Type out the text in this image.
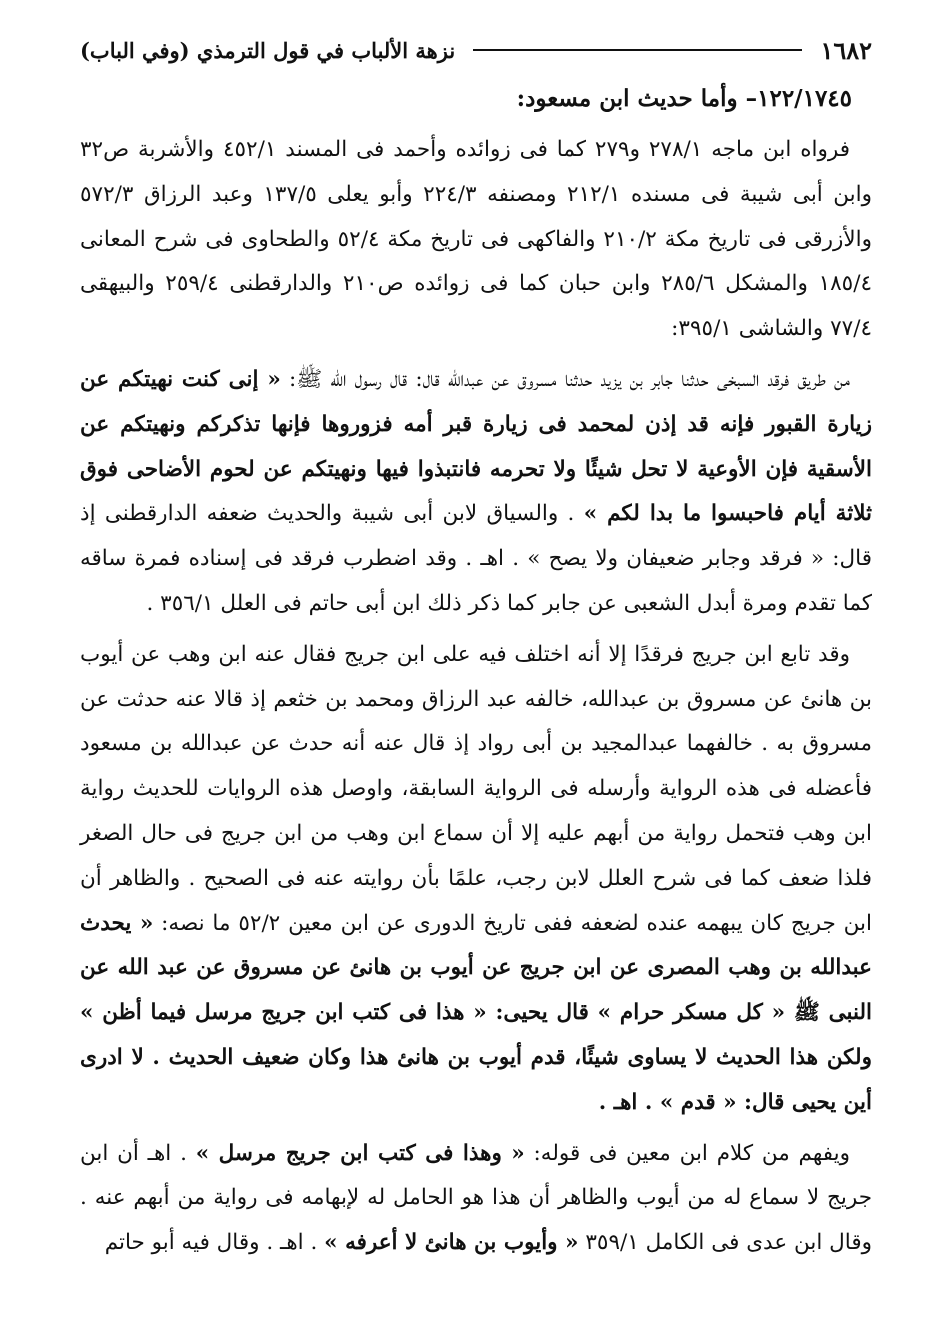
١٦٨٢
نزهة الألباب في قول الترمذي (وفي الباب)
١٢٢/١٧٤٥– وأما حديث ابن مسعود:

فرواه ابن ماجه ٢٧٨/١ و٢٧٩ كما فى زوائده وأحمد فى المسند ٤٥٢/١ والأشربة ص٣٢ وابن أبى شيبة فى مسنده ٢١٢/١ ومصنفه ٢٢٤/٣ وأبو يعلى ١٣٧/٥ وعبد الرزاق ٥٧٢/٣ والأزرقى فى تاريخ مكة ٢١٠/٢ والفاكهى فى تاريخ مكة ٥٢/٤ والطحاوى فى شرح المعانى ١٨٥/٤ والمشكل ٢٨٥/٦ وابن حبان كما فى زوائده ص٢١٠ والدارقطنى ٢٥٩/٤ والبيهقى ٧٧/٤ والشاشى ٣٩٥/١:

من طريق فرقد السبخى حدثنا جابر بن يزيد حدثنا مسروق عن عبدالله قال: قال رسول الله ﷺ: « إنى كنت نهيتكم عن زيارة القبور فإنه قد إذن لمحمد فى زيارة قبر أمه فزوروها فإنها تذكركم ونهيتكم عن الأسقية فإن الأوعية لا تحل شيئًا ولا تحرمه فانتبذوا فيها ونهيتكم عن لحوم الأضاحى فوق ثلاثة أيام فاحبسوا ما بدا لكم » . والسياق لابن أبى شيبة والحديث ضعفه الدارقطنى إذ قال: « فرقد وجابر ضعيفان ولا يصح » . اهـ . وقد اضطرب فرقد فى إسناده فمرة ساقه كما تقدم ومرة أبدل الشعبى عن جابر كما ذكر ذلك ابن أبى حاتم فى العلل ٣٥٦/١ .

وقد تابع ابن جريج فرقدًا إلا أنه اختلف فيه على ابن جريج فقال عنه ابن وهب عن أيوب بن هانئ عن مسروق بن عبدالله، خالفه عبد الرزاق ومحمد بن خثعم إذ قالا عنه حدثت عن مسروق به . خالفهما عبدالمجيد بن أبى رواد إذ قال عنه أنه حدث عن عبدالله بن مسعود فأعضله فى هذه الرواية وأرسله فى الرواية السابقة، واوصل هذه الروايات للحديث رواية ابن وهب فتحمل رواية من أبهم عليه إلا أن سماع ابن وهب من ابن جريج فى حال الصغر فلذا ضعف كما فى شرح العلل لابن رجب، علمًا بأن روايته عنه فى الصحيح . والظاهر أن ابن جريج كان يبهمه عنده لضعفه ففى تاريخ الدورى عن ابن معين ٥٢/٢ ما نصه: « يحدث عبدالله بن وهب المصرى عن ابن جريج عن أيوب بن هانئ عن مسروق عن عبد الله عن النبى ﷺ « كل مسكر حرام » قال يحيى: « هذا فى كتب ابن جريج مرسل فيما أظن » ولكن هذا الحديث لا يساوى شيئًا، قدم أيوب بن هانئ هذا وكان ضعيف الحديث . لا ادرى أين يحيى قال: « قدم » . اهـ .

ويفهم من كلام ابن معين فى قوله: « وهذا فى كتب ابن جريج مرسل » . اهـ أن ابن جريج لا سماع له من أيوب والظاهر أن هذا هو الحامل له لإبهامه فى رواية من أبهم عنه . وقال ابن عدى فى الكامل ٣٥٩/١ « وأيوب بن هانئ لا أعرفه » . اهـ . وقال فيه أبو حاتم
